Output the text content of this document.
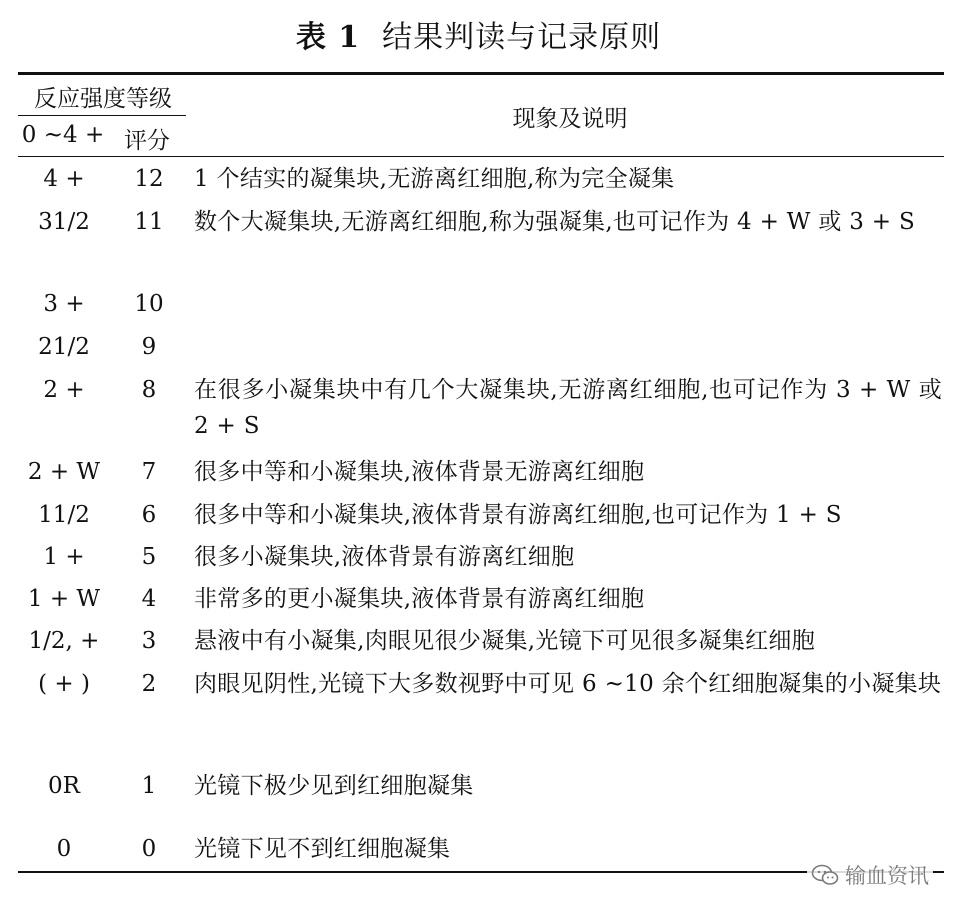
表 1 结果判读与记录原则
反应强度等级
0 ~4 + 评分
现象及说明
4 +	12	1 个结实的凝集块,无游离红细胞,称为完全凝集
31/2	11	数个大凝集块,无游离红细胞,称为强凝集,也可记作为 4 + W 或 3 + S
3 +	10
21/2	9
2 +	8	在很多小凝集块中有几个大凝集块,无游离红细胞,也可记作为 3 + W 或 2 + S
2 + W	7	很多中等和小凝集块,液体背景无游离红细胞
11/2	6	很多中等和小凝集块,液体背景有游离红细胞,也可记作为 1 + S
1 +	5	很多小凝集块,液体背景有游离红细胞
1 + W	4	非常多的更小凝集块,液体背景有游离红细胞
1/2, +	3	悬液中有小凝集,肉眼见很少凝集,光镜下可见很多凝集红细胞
( + )	2	肉眼见阴性,光镜下大多数视野中可见 6 ~10 余个红细胞凝集的小凝集块
0R	1	光镜下极少见到红细胞凝集
0	0	光镜下见不到红细胞凝集
输血资讯
